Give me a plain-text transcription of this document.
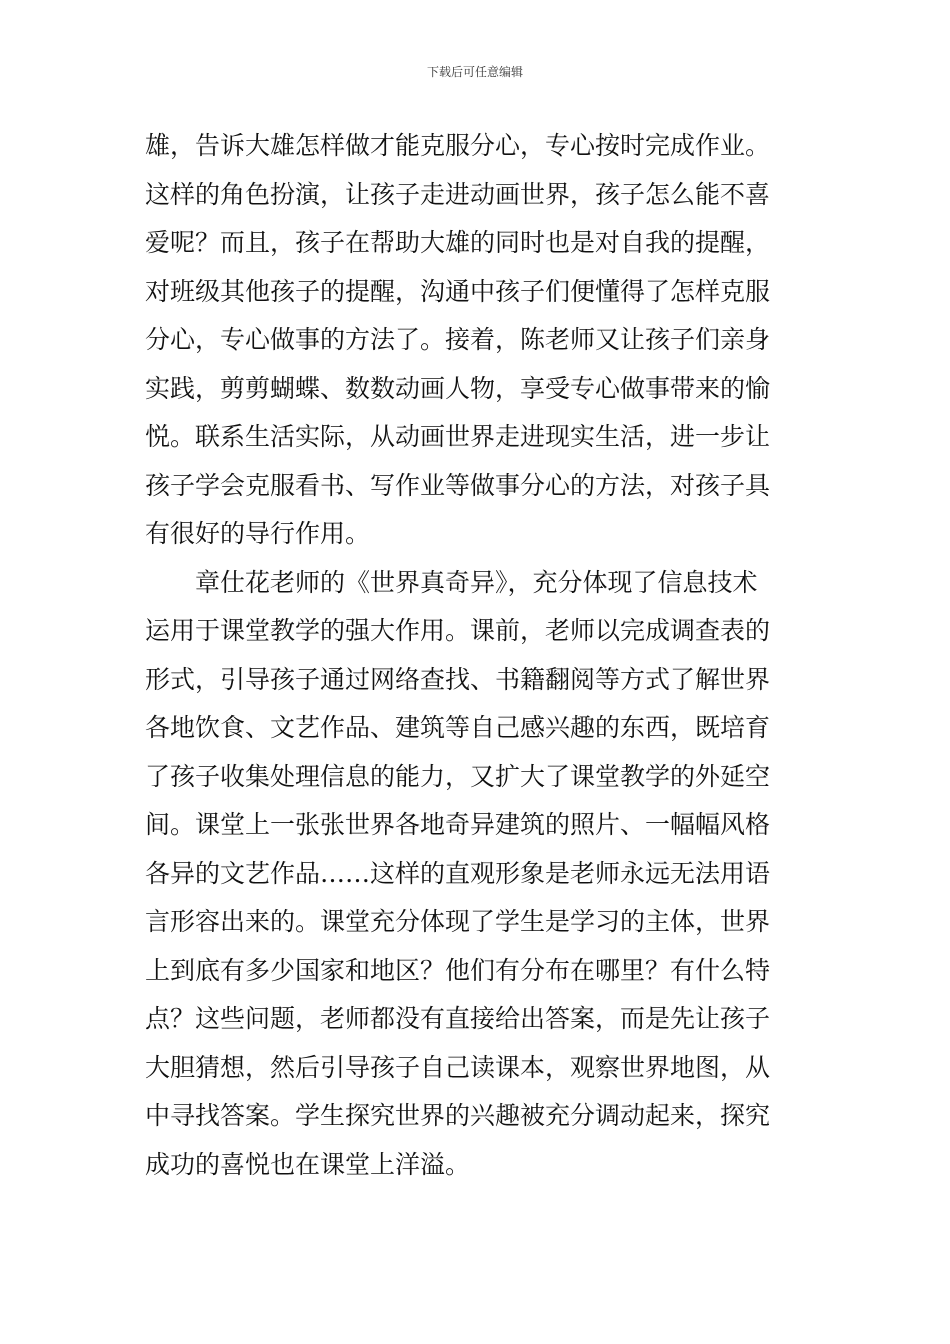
下载后可任意编辑

雄，告诉大雄怎样做才能克服分心，专心按时完成作业。
这样的角色扮演，让孩子走进动画世界，孩子怎么能不喜
爱呢？而且，孩子在帮助大雄的同时也是对自我的提醒，
对班级其他孩子的提醒，沟通中孩子们便懂得了怎样克服
分心，专心做事的方法了。接着，陈老师又让孩子们亲身
实践，剪剪蝴蝶、数数动画人物，享受专心做事带来的愉
悦。联系生活实际，从动画世界走进现实生活，进一步让
孩子学会克服看书、写作业等做事分心的方法，对孩子具
有很好的导行作用。

　　章仕花老师的《世界真奇异》，充分体现了信息技术
运用于课堂教学的强大作用。课前，老师以完成调查表的
形式，引导孩子通过网络查找、书籍翻阅等方式了解世界
各地饮食、文艺作品、建筑等自己感兴趣的东西，既培育
了孩子收集处理信息的能力，又扩大了课堂教学的外延空
间。课堂上一张张世界各地奇异建筑的照片、一幅幅风格
各异的文艺作品……这样的直观形象是老师永远无法用语
言形容出来的。课堂充分体现了学生是学习的主体，世界
上到底有多少国家和地区？他们有分布在哪里？有什么特
点？这些问题，老师都没有直接给出答案，而是先让孩子
大胆猜想，然后引导孩子自己读课本，观察世界地图，从
中寻找答案。学生探究世界的兴趣被充分调动起来，探究
成功的喜悦也在课堂上洋溢。
